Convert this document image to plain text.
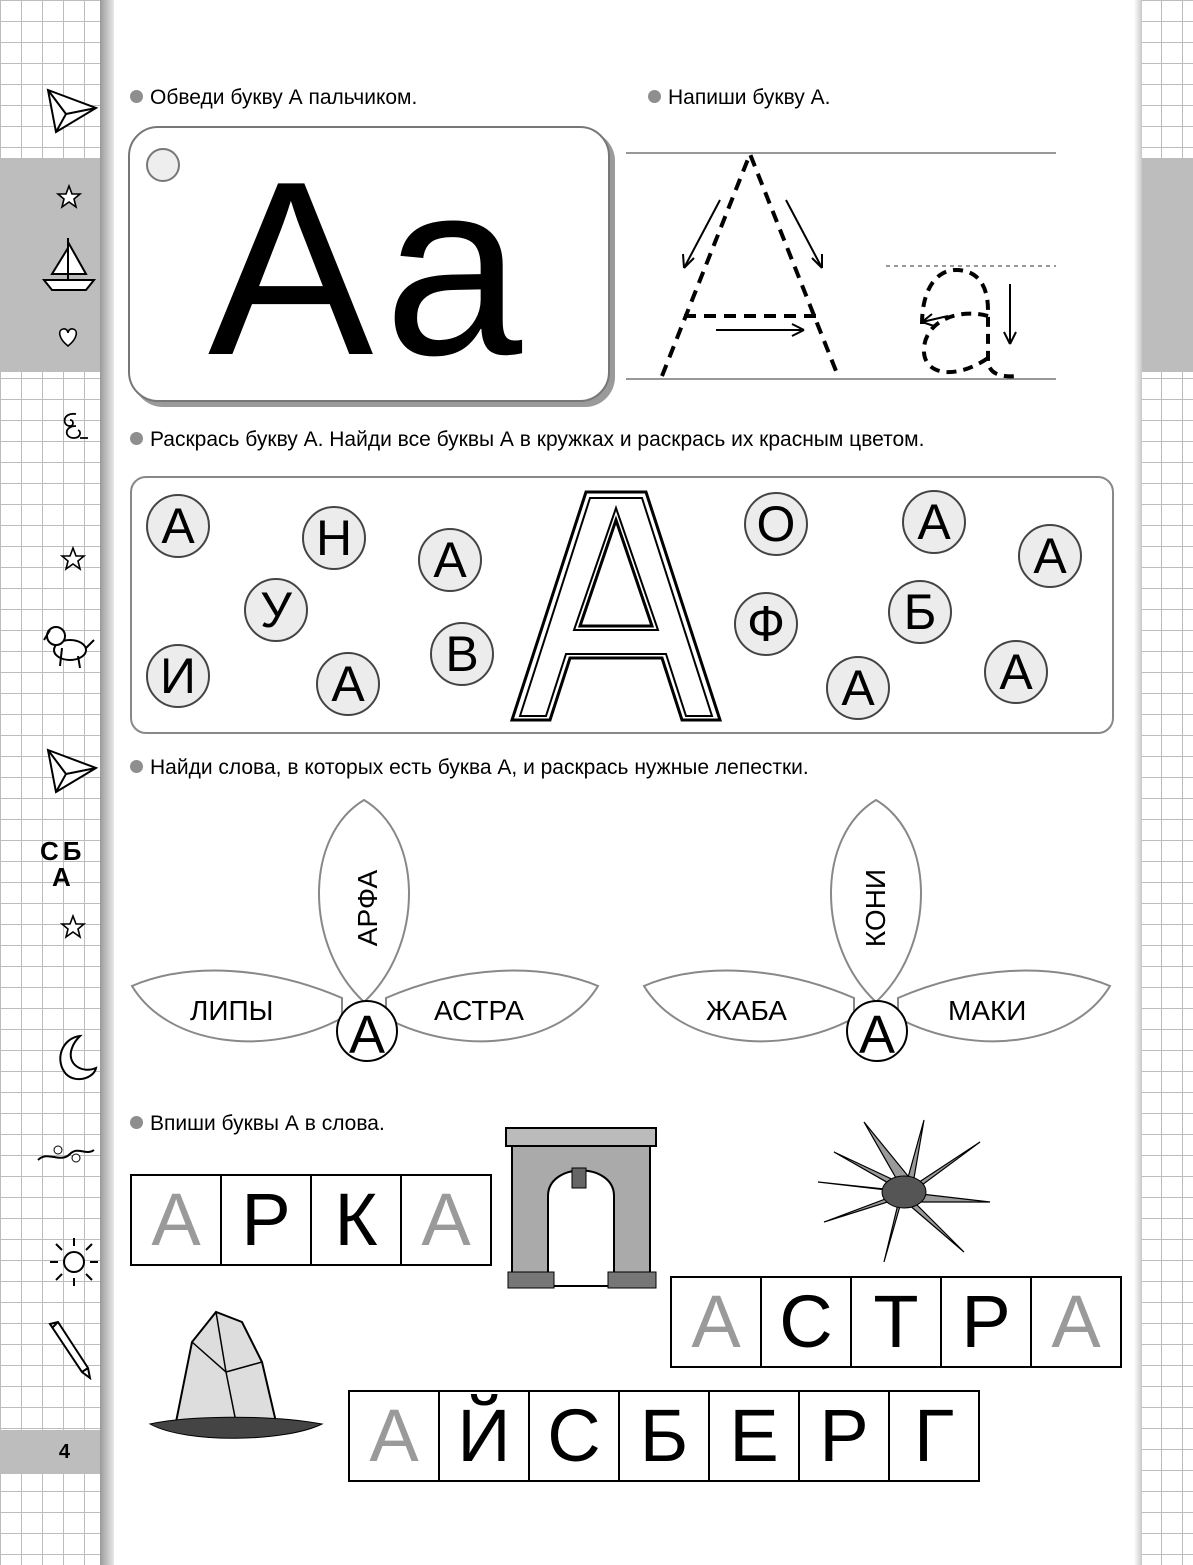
С Б
А
4
Обведи букву А пальчиком.
Аа
Напиши букву А.
Раскрась букву А. Найди все буквы А в кружках и раскрась их красным цветом.
А	Н	А
У
И	А
В
О	А
А
Ф	Б
А	А
Найди слова, в которых есть буква А, и раскрась нужные лепестки.
ЛИПЫ
АРФА
АСТРА
А	ЖАБА
КОНИ
МАКИ
А
Впиши буквы А в слова.
А Р К А
А С Т Р А
А Й С Б Е Р Г
